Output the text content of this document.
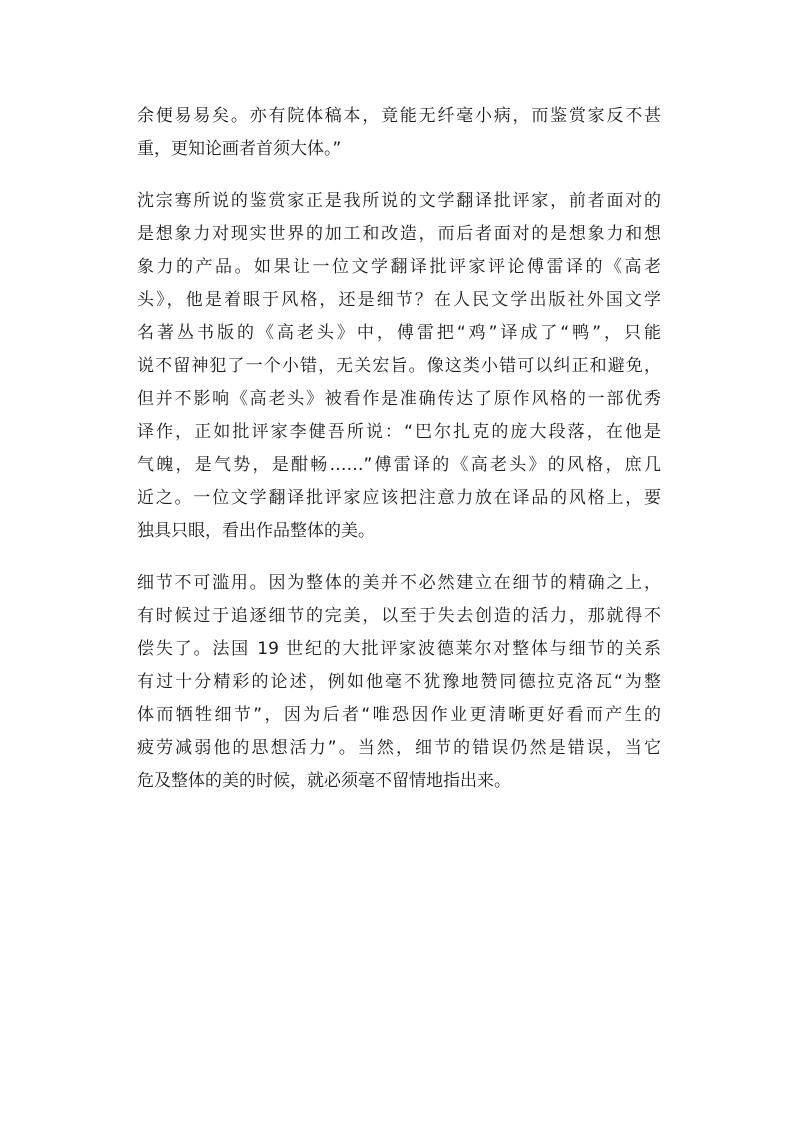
余便易易矣。亦有院体稿本，竟能无纤毫小病，而鉴赏家反不甚
重，更知论画者首须大体。”
沈宗骞所说的鉴赏家正是我所说的文学翻译批评家，前者面对的
是想象力对现实世界的加工和改造，而后者面对的是想象力和想
象力的产品。如果让一位文学翻译批评家评论傅雷译的《高老
头》，他是着眼于风格，还是细节？在人民文学出版社外国文学
名著丛书版的《高老头》中，傅雷把“鸡”译成了“鸭”，只能
说不留神犯了一个小错，无关宏旨。像这类小错可以纠正和避免，
但并不影响《高老头》被看作是准确传达了原作风格的一部优秀
译作，正如批评家李健吾所说：“巴尔扎克的庞大段落，在他是
气魄，是气势，是酣畅……”傅雷译的《高老头》的风格，庶几
近之。一位文学翻译批评家应该把注意力放在译品的风格上，要
独具只眼，看出作品整体的美。
细节不可滥用。因为整体的美并不必然建立在细节的精确之上，
有时候过于追逐细节的完美，以至于失去创造的活力，那就得不
偿失了。法国 19 世纪的大批评家波德莱尔对整体与细节的关系
有过十分精彩的论述，例如他毫不犹豫地赞同德拉克洛瓦“为整
体而牺牲细节”，因为后者“唯恐因作业更清晰更好看而产生的
疲劳减弱他的思想活力”。当然，细节的错误仍然是错误，当它
危及整体的美的时候，就必须毫不留情地指出来。
